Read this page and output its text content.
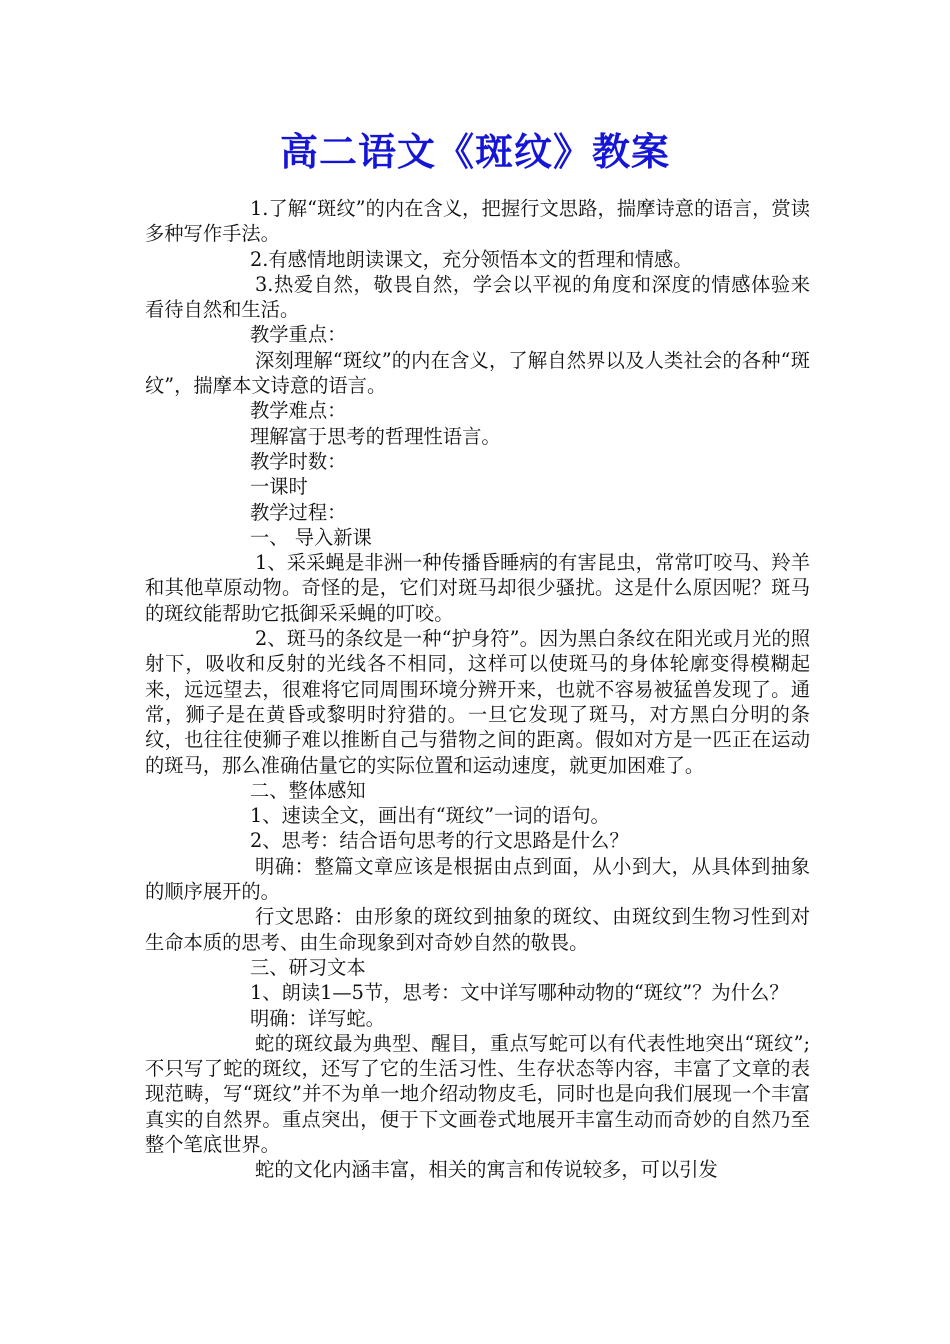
高二语文《斑纹》教案

1.了解“斑纹”的内在含义，把握行文思路，揣摩诗意的语言，赏读多种写作手法。

2.有感情地朗读课文，充分领悟本文的哲理和情感。

3.热爱自然，敬畏自然，学会以平视的角度和深度的情感体验来看待自然和生活。

教学重点：

深刻理解“斑纹”的内在含义，了解自然界以及人类社会的各种“斑纹”，揣摩本文诗意的语言。

教学难点：

理解富于思考的哲理性语言。

教学时数：

一课时

教学过程：

一、 导入新课

1、采采蝇是非洲一种传播昏睡病的有害昆虫，常常叮咬马、羚羊和其他草原动物。奇怪的是，它们对斑马却很少骚扰。这是什么原因呢？斑马的斑纹能帮助它抵御采采蝇的叮咬。

2、斑马的条纹是一种“护身符”。因为黑白条纹在阳光或月光的照射下，吸收和反射的光线各不相同，这样可以使斑马的身体轮廓变得模糊起来，远远望去，很难将它同周围环境分辨开来，也就不容易被猛兽发现了。通常，狮子是在黄昏或黎明时狩猎的。一旦它发现了斑马，对方黑白分明的条纹，也往往使狮子难以推断自己与猎物之间的距离。假如对方是一匹正在运动的斑马，那么准确估量它的实际位置和运动速度，就更加困难了。

二、整体感知

1、速读全文，画出有“斑纹”一词的语句。

2、思考：结合语句思考的行文思路是什么？

明确：整篇文章应该是根据由点到面，从小到大，从具体到抽象的顺序展开的。

行文思路：由形象的斑纹到抽象的斑纹、由斑纹到生物习性到对生命本质的思考、由生命现象到对奇妙自然的敬畏。

三、研习文本

1、朗读1—5节，思考：文中详写哪种动物的“斑纹”？为什么？

明确：详写蛇。

蛇的斑纹最为典型、醒目，重点写蛇可以有代表性地突出“斑纹”;不只写了蛇的斑纹，还写了它的生活习性、生存状态等内容，丰富了文章的表现范畴，写“斑纹”并不为单一地介绍动物皮毛，同时也是向我们展现一个丰富真实的自然界。重点突出，便于下文画卷式地展开丰富生动而奇妙的自然乃至整个笔底世界。

蛇的文化内涵丰富，相关的寓言和传说较多，可以引发
